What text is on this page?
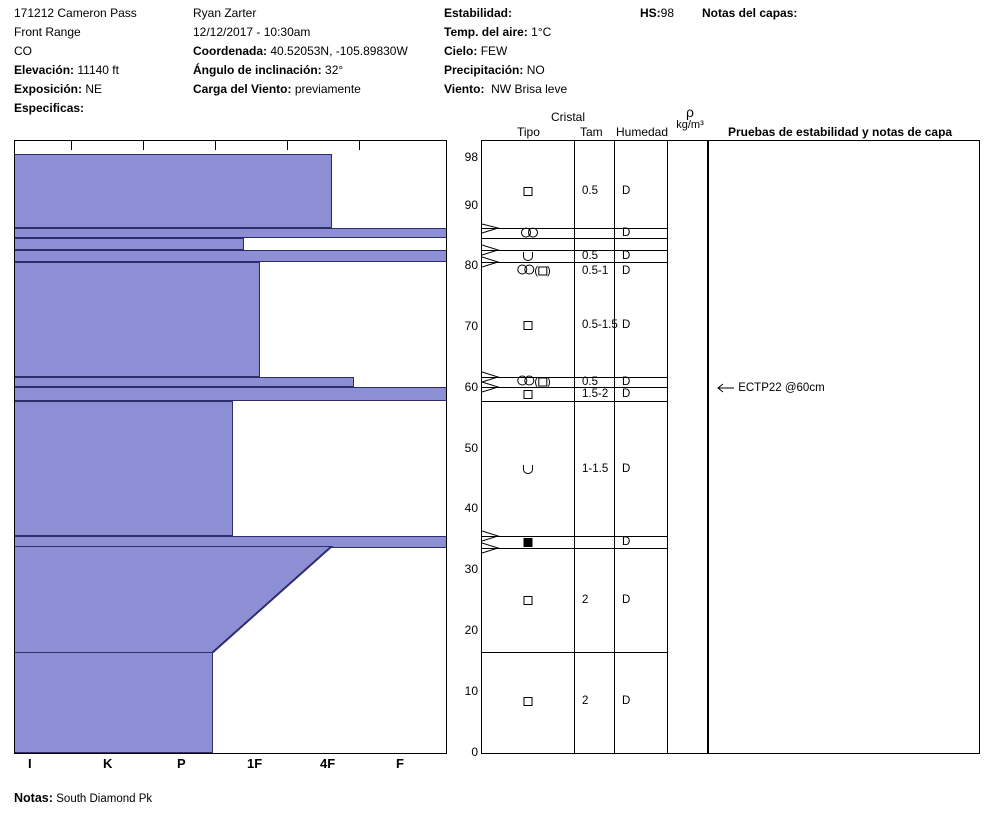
171212 Cameron Pass
Front Range
CO
Elevación: 11140 ft
Exposición: NE
Especificas:
Ryan Zarter
12/12/2017 - 10:30am
Coordenada: 40.52053N, -105.89830W
Ángulo de inclinación: 32°
Carga del Viento: previamente
Estabilidad:
Temp. del aire: 1°C
Cielo: FEW
Precipitación: NO
Viento: NW Brisa leve
HS:98	Notas del capas:
I	K	P	1F	4F	F
0
10
20
30
40
50
60
70
80
90
98
Cristal
Tipo	Tam Humedad
ρ
kg/m³	Pruebas de estabilidad y notas de capa
0.5 D
D
0.5 D
( )	0.5-1 D
0.5-1.5 D
( )	0.5 D
1.5-2 D
1-1.5 D
D
2	D
2	D
ECTP22 @60cm
Notas: South Diamond Pk
